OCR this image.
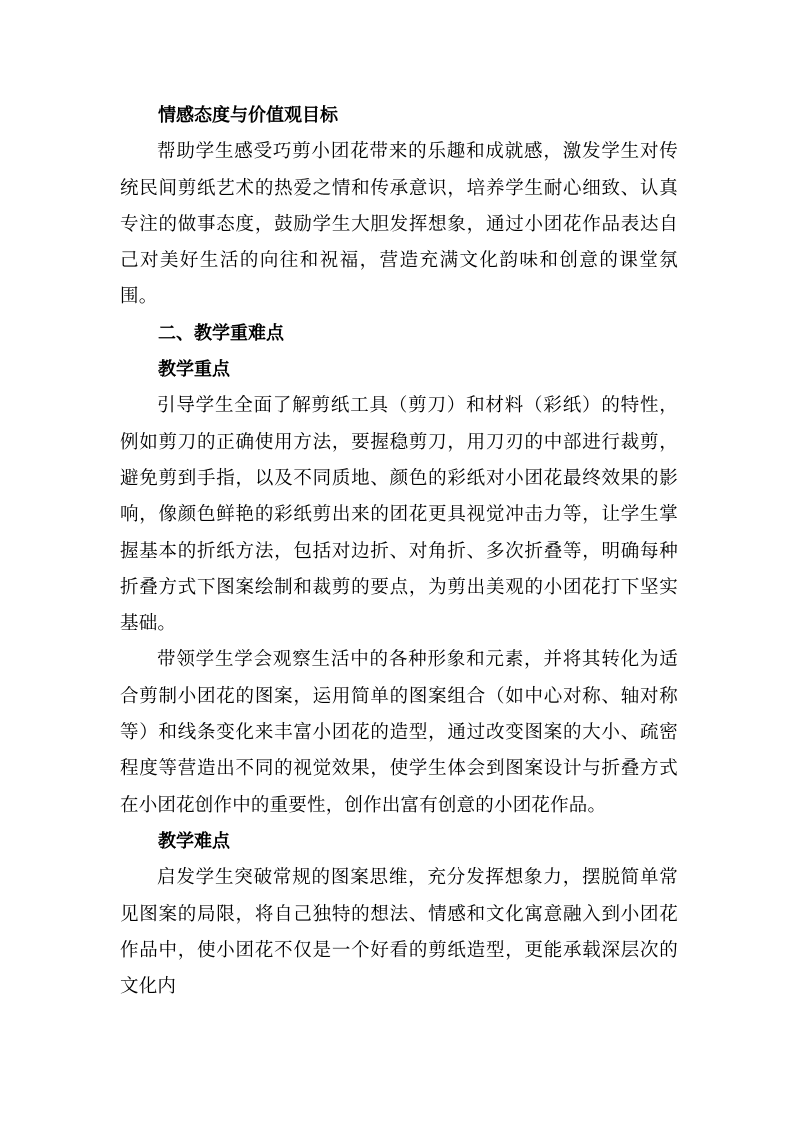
情感态度与价值观目标

帮助学生感受巧剪小团花带来的乐趣和成就感，激发学生对传统民间剪纸艺术的热爱之情和传承意识，培养学生耐心细致、认真专注的做事态度，鼓励学生大胆发挥想象，通过小团花作品表达自己对美好生活的向往和祝福，营造充满文化韵味和创意的课堂氛围。

二、教学重难点

教学重点

引导学生全面了解剪纸工具（剪刀）和材料（彩纸）的特性，例如剪刀的正确使用方法，要握稳剪刀，用刀刃的中部进行裁剪，避免剪到手指，以及不同质地、颜色的彩纸对小团花最终效果的影响，像颜色鲜艳的彩纸剪出来的团花更具视觉冲击力等，让学生掌握基本的折纸方法，包括对边折、对角折、多次折叠等，明确每种折叠方式下图案绘制和裁剪的要点，为剪出美观的小团花打下坚实基础。

带领学生学会观察生活中的各种形象和元素，并将其转化为适合剪制小团花的图案，运用简单的图案组合（如中心对称、轴对称等）和线条变化来丰富小团花的造型，通过改变图案的大小、疏密程度等营造出不同的视觉效果，使学生体会到图案设计与折叠方式在小团花创作中的重要性，创作出富有创意的小团花作品。

教学难点

启发学生突破常规的图案思维，充分发挥想象力，摆脱简单常见图案的局限，将自己独特的想法、情感和文化寓意融入到小团花作品中，使小团花不仅是一个好看的剪纸造型，更能承载深层次的文化内
